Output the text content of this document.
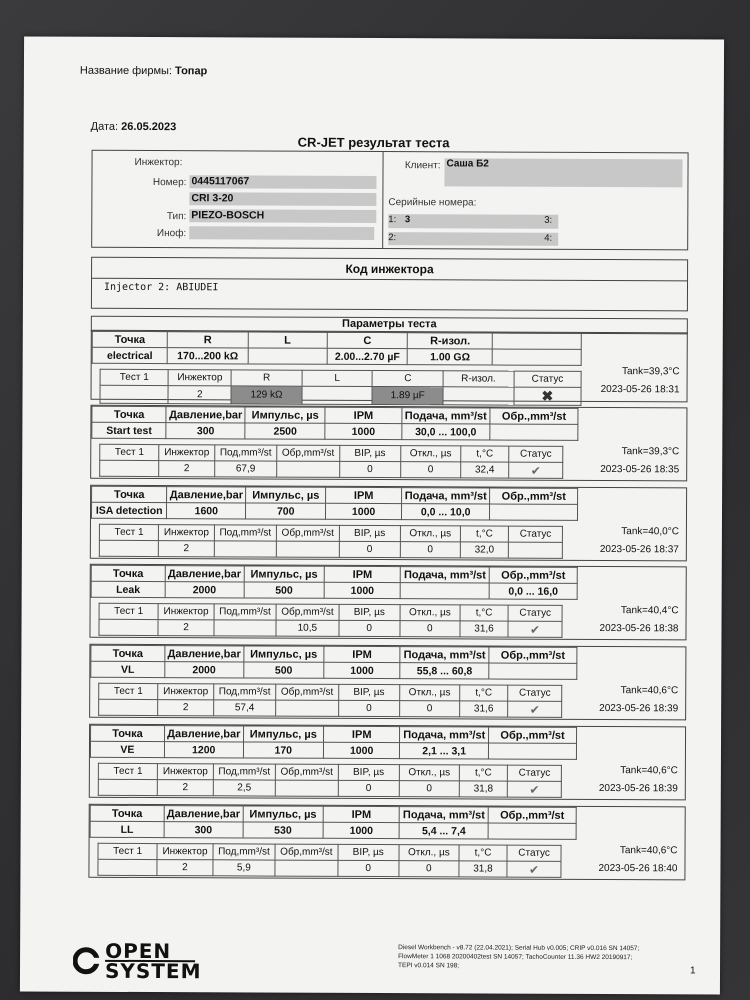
Название фирмы: Топар
Дата: 26.05.2023
CR-JET результат теста
Инжектор:
Номер: 0445117067
CRI 3-20
Тип: PIEZO-BOSCH
Иноф:
Клиент: Саша Б2
Серийные номера:
1: 3
2:
3:
4:
Код инжектора
Injector 2: ABIUDEI
Параметры теста
Точка	R	L	C	R-изол.	
electrical	170...200 kΩ		2.00...2.70 µF	1.00 GΩ	
Тест 1	Инжектор	R	L	C	R-изол.	Статус
	2	129 kΩ		1.89 µF		✖
Tank=39,3°C
2023-05-26 18:31
Точка	Давление,bar	Импульс, µs	IPM	Подача, mm³/st	Обр.,mm³/st
Start test	300	2500	1000	30,0 ... 100,0	
Тест 1	Инжектор	Под,mm³/st	Обр,mm³/st	BIP, µs	Откл., µs	t,°C	Статус
	2	67,9		0	0	32,4	✔
Tank=39,3°C
2023-05-26 18:35
Точка	Давление,bar	Импульс, µs	IPM	Подача, mm³/st	Обр.,mm³/st
ISA detection	1600	700	1000	0,0 ... 10,0	
Тест 1	Инжектор	Под,mm³/st	Обр,mm³/st	BIP, µs	Откл., µs	t,°C	Статус
	2			0	0	32,0	
Tank=40,0°C
2023-05-26 18:37
Точка	Давление,bar	Импульс, µs	IPM	Подача, mm³/st	Обр.,mm³/st
Leak	2000	500	1000		0,0 ... 16,0
Тест 1	Инжектор	Под,mm³/st	Обр,mm³/st	BIP, µs	Откл., µs	t,°C	Статус
	2		10,5	0	0	31,6	✔
Tank=40,4°C
2023-05-26 18:38
Точка	Давление,bar	Импульс, µs	IPM	Подача, mm³/st	Обр.,mm³/st
VL	2000	500	1000	55,8 ... 60,8	
Тест 1	Инжектор	Под,mm³/st	Обр,mm³/st	BIP, µs	Откл., µs	t,°C	Статус
	2	57,4		0	0	31,6	✔
Tank=40,6°C
2023-05-26 18:39
Точка	Давление,bar	Импульс, µs	IPM	Подача, mm³/st	Обр.,mm³/st
VE	1200	170	1000	2,1 ... 3,1	
Тест 1	Инжектор	Под,mm³/st	Обр,mm³/st	BIP, µs	Откл., µs	t,°C	Статус
	2	2,5		0	0	31,8	✔
Tank=40,6°C
2023-05-26 18:39
Точка	Давление,bar	Импульс, µs	IPM	Подача, mm³/st	Обр.,mm³/st
LL	300	530	1000	5,4 ... 7,4	
Тест 1	Инжектор	Под,mm³/st	Обр,mm³/st	BIP, µs	Откл., µs	t,°C	Статус
	2	5,9		0	0	31,8	✔
Tank=40,6°C
2023-05-26 18:40
OPEN
SYSTEM
Diesel Workbench - v8.72 (22.04.2021); Serial Hub v0.005; CRIP v0.016 SN 14057;
FlowMeter 1 1068 20200402test SN 14057; TachoCounter 11.36 HW2 20190917;
TEPI v0.014 SN 198;	1
